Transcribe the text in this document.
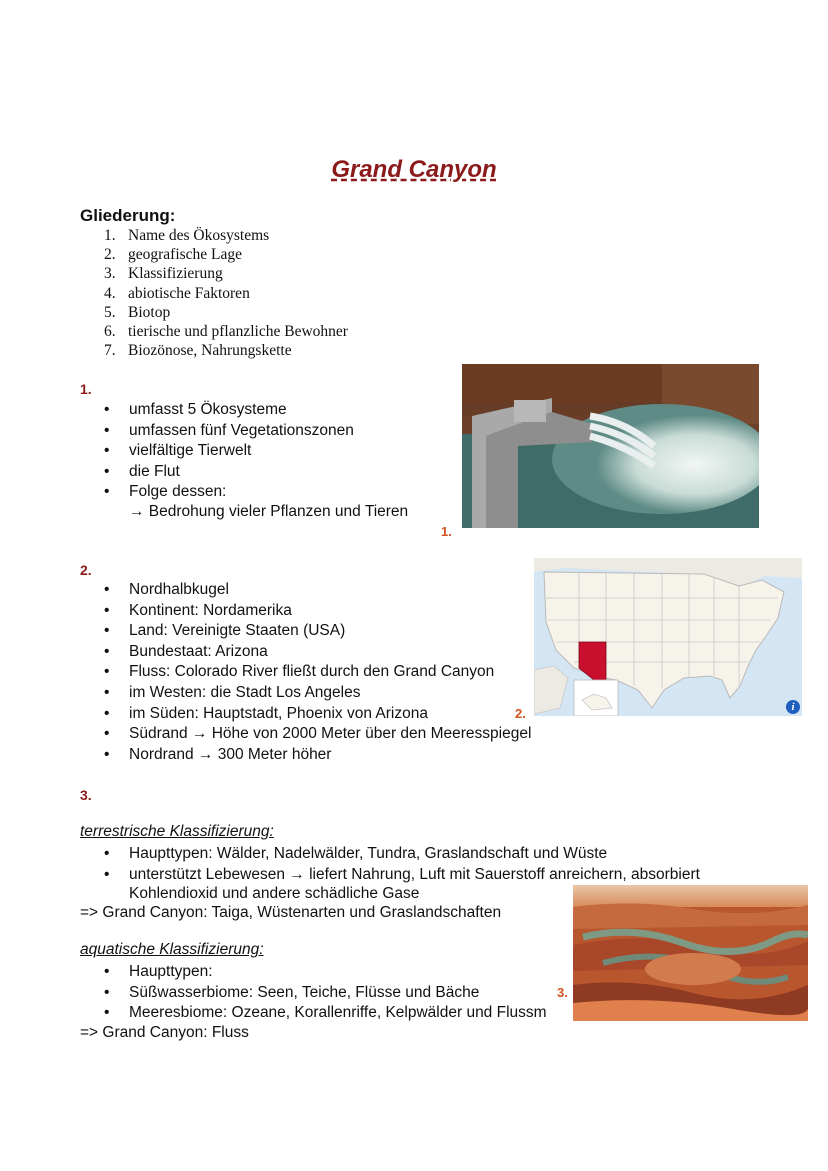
Grand Canyon
Gliederung:
1. Name des Ökosystems
2. geografische Lage
3. Klassifizierung
4. abiotische Faktoren
5. Biotop
6. tierische und pflanzliche Bewohner
7. Biozönose, Nahrungskette
1.
• umfasst 5 Ökosysteme
• umfassen fünf Vegetationszonen
• vielfältige Tierwelt
• die Flut
• Folge dessen:
→ Bedrohung vieler Pflanzen und Tieren
1.
2.
• Nordhalbkugel
• Kontinent: Nordamerika
• Land: Vereinigte Staaten (USA)
• Bundestaat: Arizona
• Fluss: Colorado River fließt durch den Grand Canyon
• im Westen: die Stadt Los Angeles
• im Süden: Hauptstadt, Phoenix von Arizona
• Südrand → Höhe von 2000 Meter über den Meeresspiegel
• Nordrand → 300 Meter höher
i
2.
3.
terrestrische Klassifizierung:
• Haupttypen: Wälder, Nadelwälder, Tundra, Graslandschaft und Wüste
• unterstützt Lebewesen → liefert Nahrung, Luft mit Sauerstoff anreichern, absorbiert
Kohlendioxid und andere schädliche Gase
=> Grand Canyon: Taiga, Wüstenarten und Graslandschaften
aquatische Klassifizierung:
• Haupttypen:
• Süßwasserbiome: Seen, Teiche, Flüsse und Bäche
• Meeresbiome: Ozeane, Korallenriffe, Kelpwälder und Flussm
=> Grand Canyon: Fluss
3.
